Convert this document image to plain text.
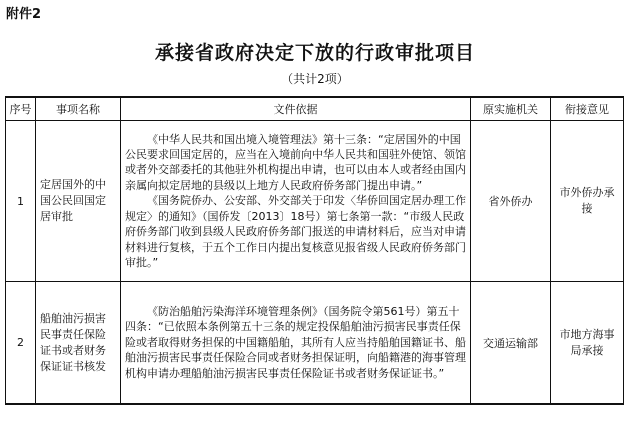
附件2
承接省政府决定下放的行政审批项目
（共计2项）
序号	事项名称	文件依据	原实施机关	衔接意见
1	定居国外的中国公民回国定居审批	《中华人民共和国出境入境管理法》第十三条：“定居国外的中国公民要求回国定居的，应当在入境前向中华人民共和国驻外使馆、领馆或者外交部委托的其他驻外机构提出申请，也可以由本人或者经由国内亲属向拟定居地的县级以上地方人民政府侨务部门提出申请。”

《国务院侨办、公安部、外交部关于印发〈华侨回国定居办理工作规定〉的通知》（国侨发〔2013〕18号）第七条第一款：“市级人民政府侨务部门收到县级人民政府侨务部门报送的申请材料后，应当对申请材料进行复核，于五个工作日内提出复核意见报省级人民政府侨务部门审批。”	省外侨办	市外侨办承接
2	船舶油污损害民事责任保险证书或者财务保证证书核发	《防治船舶污染海洋环境管理条例》（国务院令第561号）第五十四条：“已依照本条例第五十三条的规定投保船舶油污损害民事责任保险或者取得财务担保的中国籍船舶，其所有人应当持船舶国籍证书、船舶油污损害民事责任保险合同或者财务担保证明，向船籍港的海事管理机构申请办理船舶油污损害民事责任保险证书或者财务保证证书。”	交通运输部	市地方海事局承接
